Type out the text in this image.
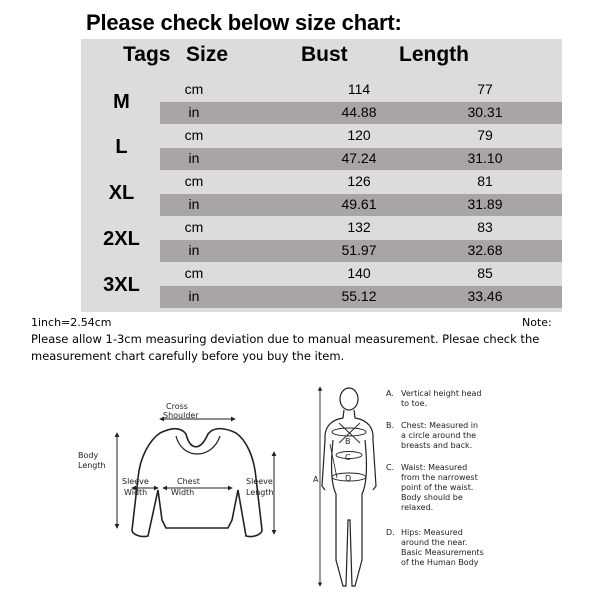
Please check below size chart:
Tags Size	Bust Length
M
cm	114	77
in	44.88	30.31
L
cm	120	79
in	47.24	31.10
XL
cm	126	81
in	49.61	31.89
2XL
cm	132	83
in	51.97	32.68
3XL
cm	140	85
in	55.12	33.46
1inch=2.54cm	Note:
Please allow 1-3cm measuring deviation due to manual measurement. Plesae check the measurement chart carefully before you buy the item.
Cross
Shoulder
Body
Length
Sleeve
Width
Chest
Width
Sleeve
Length
A
B
C
D
A. Vertical height head
to toe.
B. Chest: Measured in
a circle around the
breasts and back.
C. Waist: Measured
from the narrowest
point of the waist.
Body should be
relaxed.
D. Hips: Measured
around the near.
Basic Measurements
of the Human Body
